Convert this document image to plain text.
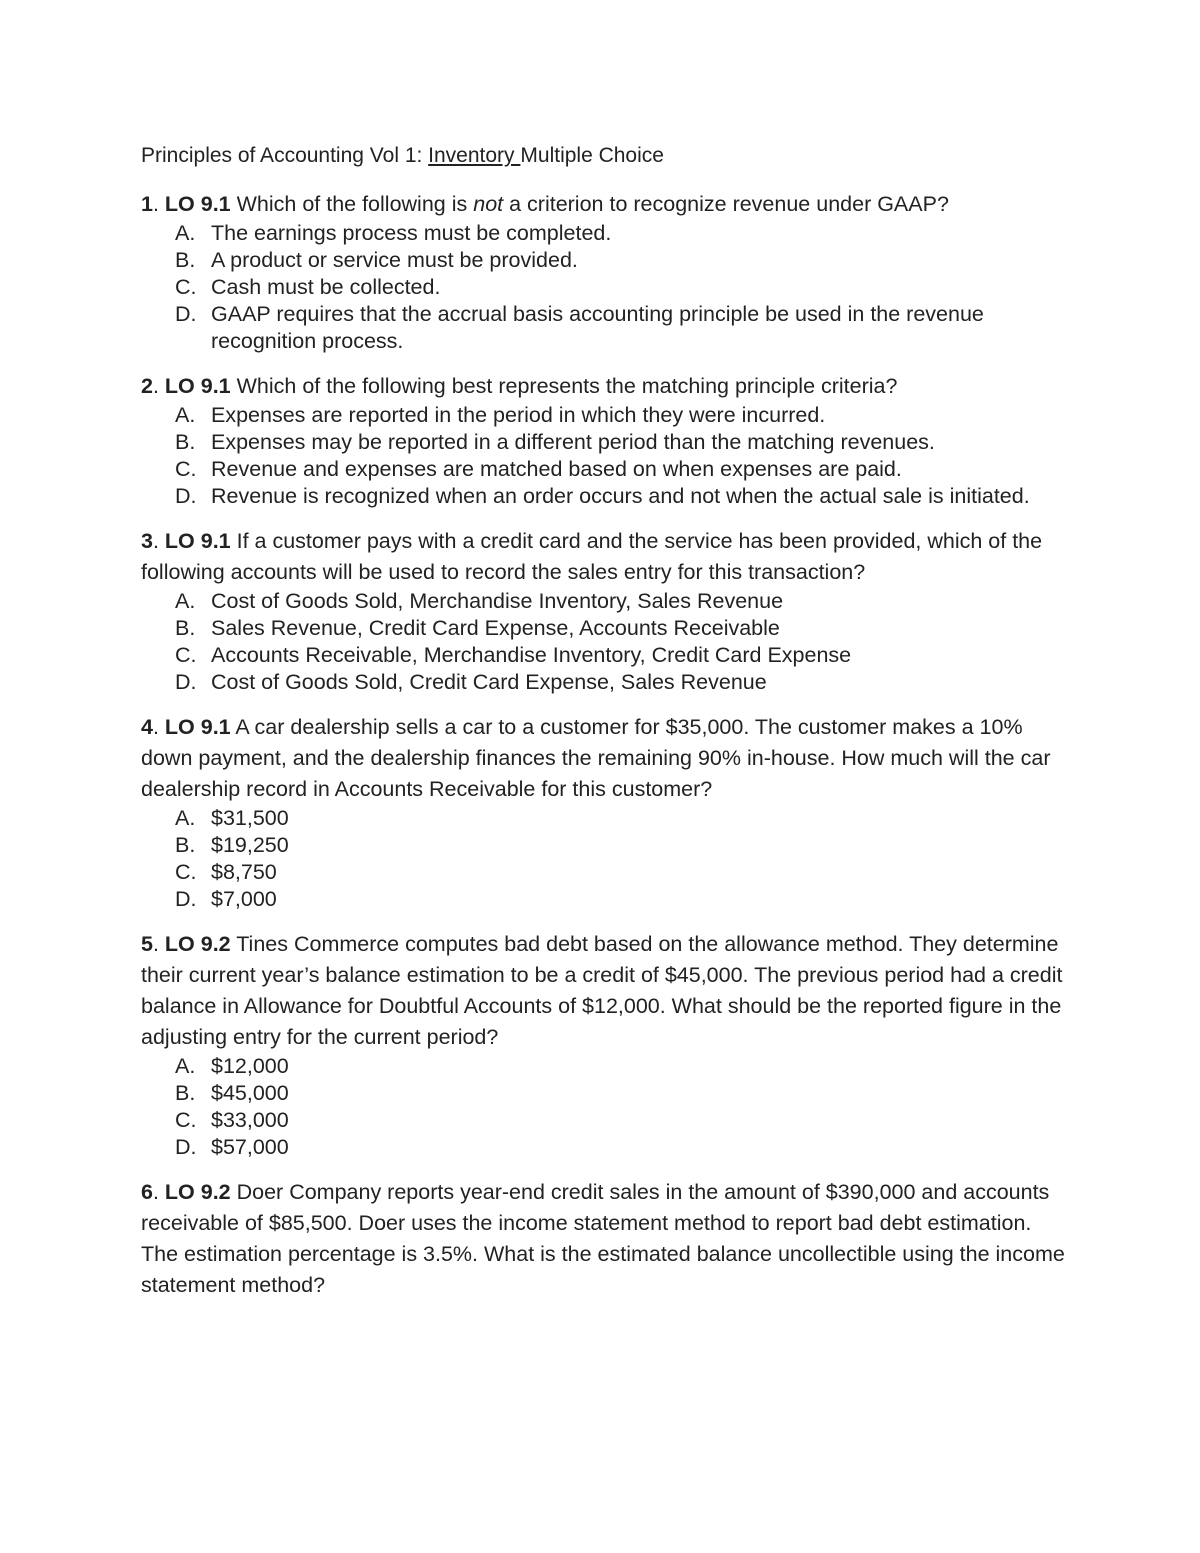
Principles of Accounting Vol 1: Inventory Multiple Choice

1. LO 9.1 Which of the following is not a criterion to recognize revenue under GAAP?

A. The earnings process must be completed.
B. A product or service must be provided.
C. Cash must be collected.
D. GAAP requires that the accrual basis accounting principle be used in the revenue recognition process.

2. LO 9.1 Which of the following best represents the matching principle criteria?

A. Expenses are reported in the period in which they were incurred.
B. Expenses may be reported in a different period than the matching revenues.
C. Revenue and expenses are matched based on when expenses are paid.
D. Revenue is recognized when an order occurs and not when the actual sale is initiated.

3. LO 9.1 If a customer pays with a credit card and the service has been provided, which of the following accounts will be used to record the sales entry for this transaction?

A. Cost of Goods Sold, Merchandise Inventory, Sales Revenue
B. Sales Revenue, Credit Card Expense, Accounts Receivable
C. Accounts Receivable, Merchandise Inventory, Credit Card Expense
D. Cost of Goods Sold, Credit Card Expense, Sales Revenue

4. LO 9.1 A car dealership sells a car to a customer for $35,000. The customer makes a 10% down payment, and the dealership finances the remaining 90% in-house. How much will the car dealership record in Accounts Receivable for this customer?

A. $31,500
B. $19,250
C. $8,750
D. $7,000

5. LO 9.2 Tines Commerce computes bad debt based on the allowance method. They determine their current year’s balance estimation to be a credit of $45,000. The previous period had a credit balance in Allowance for Doubtful Accounts of $12,000. What should be the reported figure in the adjusting entry for the current period?

A. $12,000
B. $45,000
C. $33,000
D. $57,000

6. LO 9.2 Doer Company reports year-end credit sales in the amount of $390,000 and accounts receivable of $85,500. Doer uses the income statement method to report bad debt estimation. The estimation percentage is 3.5%. What is the estimated balance uncollectible using the income statement method?
